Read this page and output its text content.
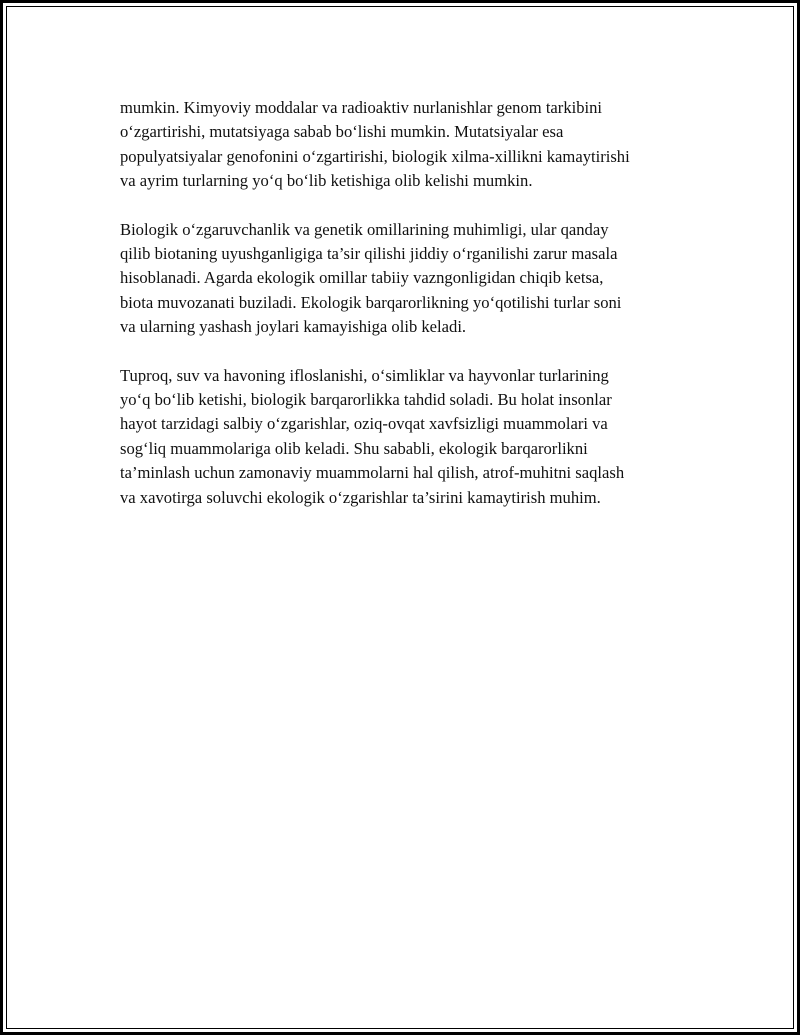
mumkin. Kimyoviy moddalar va radioaktiv nurlanishlar genom tarkibini
o‘zgartirishi, mutatsiyaga sabab bo‘lishi mumkin. Mutatsiyalar esa
populyatsiyalar genofonini o‘zgartirishi, biologik xilma-xillikni kamaytirishi
va ayrim turlarning yo‘q bo‘lib ketishiga olib kelishi mumkin.

Biologik o‘zgaruvchanlik va genetik omillarining muhimligi, ular qanday
qilib biotaning uyushganligiga ta’sir qilishi jiddiy o‘rganilishi zarur masala
hisoblanadi. Agarda ekologik omillar tabiiy vazngonligidan chiqib ketsa,
biota muvozanati buziladi. Ekologik barqarorlikning yo‘qotilishi turlar soni
va ularning yashash joylari kamayishiga olib keladi.

Tuproq, suv va havoning ifloslanishi, o‘simliklar va hayvonlar turlarining
yo‘q bo‘lib ketishi, biologik barqarorlikka tahdid soladi. Bu holat insonlar
hayot tarzidagi salbiy o‘zgarishlar, oziq-ovqat xavfsizligi muammolari va
sog‘liq muammolariga olib keladi. Shu sababli, ekologik barqarorlikni
ta’minlash uchun zamonaviy muammolarni hal qilish, atrof-muhitni saqlash
va xavotirga soluvchi ekologik o‘zgarishlar ta’sirini kamaytirish muhim.
